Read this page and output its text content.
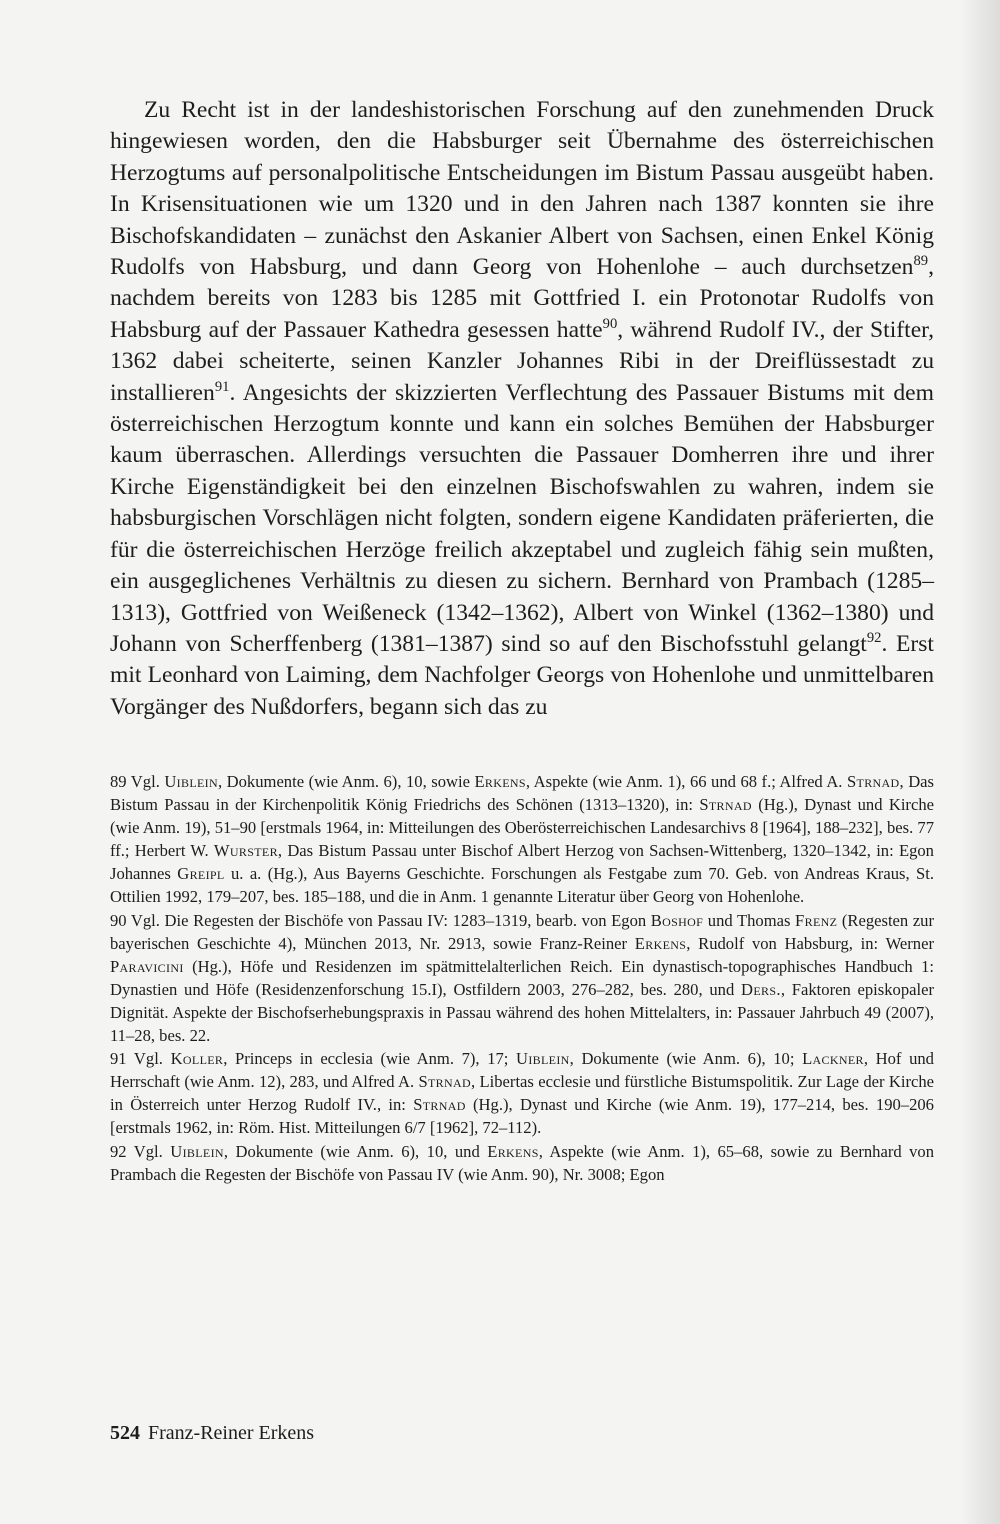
Zu Recht ist in der landeshistorischen Forschung auf den zunehmenden Druck hingewiesen worden, den die Habsburger seit Übernahme des österreichischen Herzogtums auf personalpolitische Entscheidungen im Bistum Passau ausgeübt haben. In Krisensituationen wie um 1320 und in den Jahren nach 1387 konnten sie ihre Bischofskandidaten – zunächst den Askanier Albert von Sachsen, einen Enkel König Rudolfs von Habsburg, und dann Georg von Hohenlohe – auch durchsetzen$^{89}$, nachdem bereits von 1283 bis 1285 mit Gottfried I. ein Protonotar Rudolfs von Habsburg auf der Passauer Kathedra gesessen hatte$^{90}$, während Rudolf IV., der Stifter, 1362 dabei scheiterte, seinen Kanzler Johannes Ribi in der Dreiflüssestadt zu installieren$^{91}$. Angesichts der skizzierten Verflechtung des Passauer Bistums mit dem österreichischen Herzogtum konnte und kann ein solches Bemühen der Habsburger kaum überraschen. Allerdings versuchten die Passauer Domherren ihre und ihrer Kirche Eigenständigkeit bei den einzelnen Bischofswahlen zu wahren, indem sie habsburgischen Vorschlägen nicht folgten, sondern eigene Kandidaten präferierten, die für die österreichischen Herzöge freilich akzeptabel und zugleich fähig sein mußten, ein ausgeglichenes Verhältnis zu diesen zu sichern. Bernhard von Prambach (1285–1313), Gottfried von Weißeneck (1342–1362), Albert von Winkel (1362–1380) und Johann von Scherffenberg (1381–1387) sind so auf den Bischofsstuhl gelangt$^{92}$. Erst mit Leonhard von Laiming, dem Nachfolger Georgs von Hohenlohe und unmittelbaren Vorgänger des Nußdorfers, begann sich das zu

89 Vgl. Uiblein, Dokumente (wie Anm. 6), 10, sowie Erkens, Aspekte (wie Anm. 1), 66 und 68 f.; Alfred A. Strnad, Das Bistum Passau in der Kirchenpolitik König Friedrichs des Schönen (1313–1320), in: Strnad (Hg.), Dynast und Kirche (wie Anm. 19), 51–90 [erstmals 1964, in: Mitteilungen des Oberösterreichischen Landesarchivs 8 [1964], 188–232], bes. 77 ff.; Herbert W. Wurster, Das Bistum Passau unter Bischof Albert Herzog von Sachsen-Wittenberg, 1320–1342, in: Egon Johannes Greipl u. a. (Hg.), Aus Bayerns Geschichte. Forschungen als Festgabe zum 70. Geb. von Andreas Kraus, St. Ottilien 1992, 179–207, bes. 185–188, und die in Anm. 1 genannte Literatur über Georg von Hohenlohe.

90 Vgl. Die Regesten der Bischöfe von Passau IV: 1283–1319, bearb. von Egon Boshof und Thomas Frenz (Regesten zur bayerischen Geschichte 4), München 2013, Nr. 2913, sowie Franz-Reiner Erkens, Rudolf von Habsburg, in: Werner Paravicini (Hg.), Höfe und Residenzen im spätmittelalterlichen Reich. Ein dynastisch-topographisches Handbuch 1: Dynastien und Höfe (Residenzenforschung 15.I), Ostfildern 2003, 276–282, bes. 280, und Ders., Faktoren episkopaler Dignität. Aspekte der Bischofserhebungspraxis in Passau während des hohen Mittelalters, in: Passauer Jahrbuch 49 (2007), 11–28, bes. 22.

91 Vgl. Koller, Princeps in ecclesia (wie Anm. 7), 17; Uiblein, Dokumente (wie Anm. 6), 10; Lackner, Hof und Herrschaft (wie Anm. 12), 283, und Alfred A. Strnad, Libertas ecclesie und fürstliche Bistumspolitik. Zur Lage der Kirche in Österreich unter Herzog Rudolf IV., in: Strnad (Hg.), Dynast und Kirche (wie Anm. 19), 177–214, bes. 190–206 [erstmals 1962, in: Röm. Hist. Mitteilungen 6/7 [1962], 72–112).

92 Vgl. Uiblein, Dokumente (wie Anm. 6), 10, und Erkens, Aspekte (wie Anm. 1), 65–68, sowie zu Bernhard von Prambach die Regesten der Bischöfe von Passau IV (wie Anm. 90), Nr. 3008; Egon

524 Franz-Reiner Erkens
